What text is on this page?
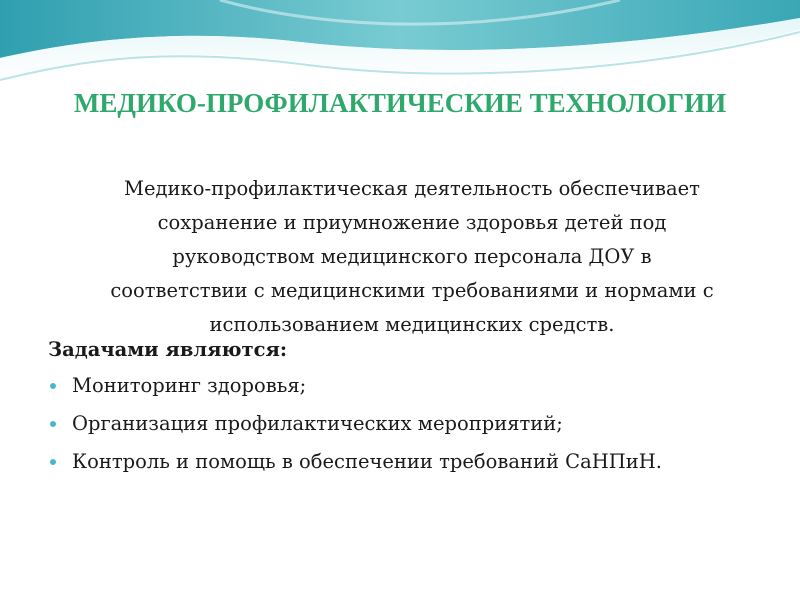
МЕДИКО-ПРОФИЛАКТИЧЕСКИЕ ТЕХНОЛОГИИ
Медико-профилактическая деятельность обеспечивает
сохранение и приумножение здоровья детей под
руководством медицинского персонала ДОУ в
соответствии с медицинскими требованиями и нормами с
использованием медицинских средств.
Задачами являются:
Мониторинг здоровья;
Организация профилактических мероприятий;
Контроль и помощь в обеспечении требований СаНПиН.
